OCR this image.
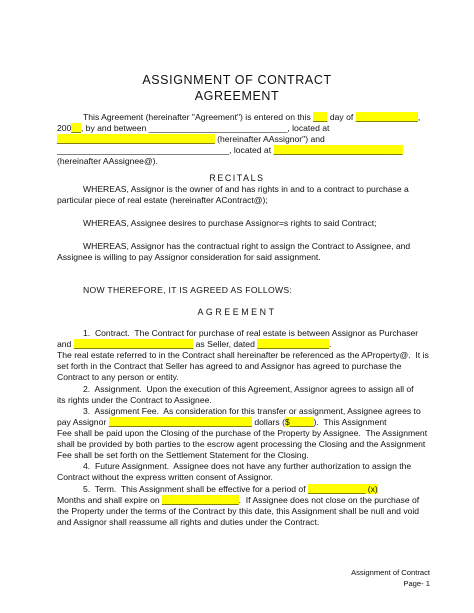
ASSIGNMENT OF CONTRACT
AGREEMENT
This Agreement (hereinafter "Agreement") is entered on this ___ day of _____________,
200__, by and between _____________________________, located at
_________________________________ (hereinafter AAssignor") and
____________________________________, located at ___________________________
(hereinafter AAssignee@).
RECITALS
WHEREAS, Assignor is the owner of and has rights in and to a contract to purchase a
particular piece of real estate (hereinafter AContract@);
WHEREAS, Assignee desires to purchase Assignor=s rights to said Contract;
WHEREAS, Assignor has the contractual right to assign the Contract to Assignee, and
Assignee is willing to pay Assignor consideration for said assignment.
NOW THEREFORE, IT IS AGREED AS FOLLOWS:
AGREEMENT
1.  Contract.  The Contract for purchase of real estate is between Assignor as Purchaser
and _________________________ as Seller, dated _______________.
The real estate referred to in the Contract shall hereinafter be referenced as the AProperty@.  It is
set forth in the Contract that Seller has agreed to and Assignor has agreed to purchase the
Contract to any person or entity.
2.  Assignment.  Upon the execution of this Agreement, Assignor agrees to assign all of
its rights under the Contract to Assignee.
3.  Assignment Fee.  As consideration for this transfer or assignment, Assignee agrees to
pay Assignor ______________________________ dollars ($_____).  This Assignment
Fee shall be paid upon the Closing of the purchase of the Property by Assignee.  The Assignment
shall be provided by both parties to the escrow agent processing the Closing and the Assignment
Fee shall be set forth on the Settlement Statement for the Closing.
4.  Future Assignment.  Assignee does not have any further authorization to assign the
Contract without the express written consent of Assignor.
5.  Term.  This Assignment shall be effective for a period of ____________ (x)
Months and shall expire on ________________.  If Assignee does not close on the purchase of
the Property under the terms of the Contract by this date, this Assignment shall be null and void
and Assignor shall reassume all rights and duties under the Contract.
Assignment of Contract
Page- 1
